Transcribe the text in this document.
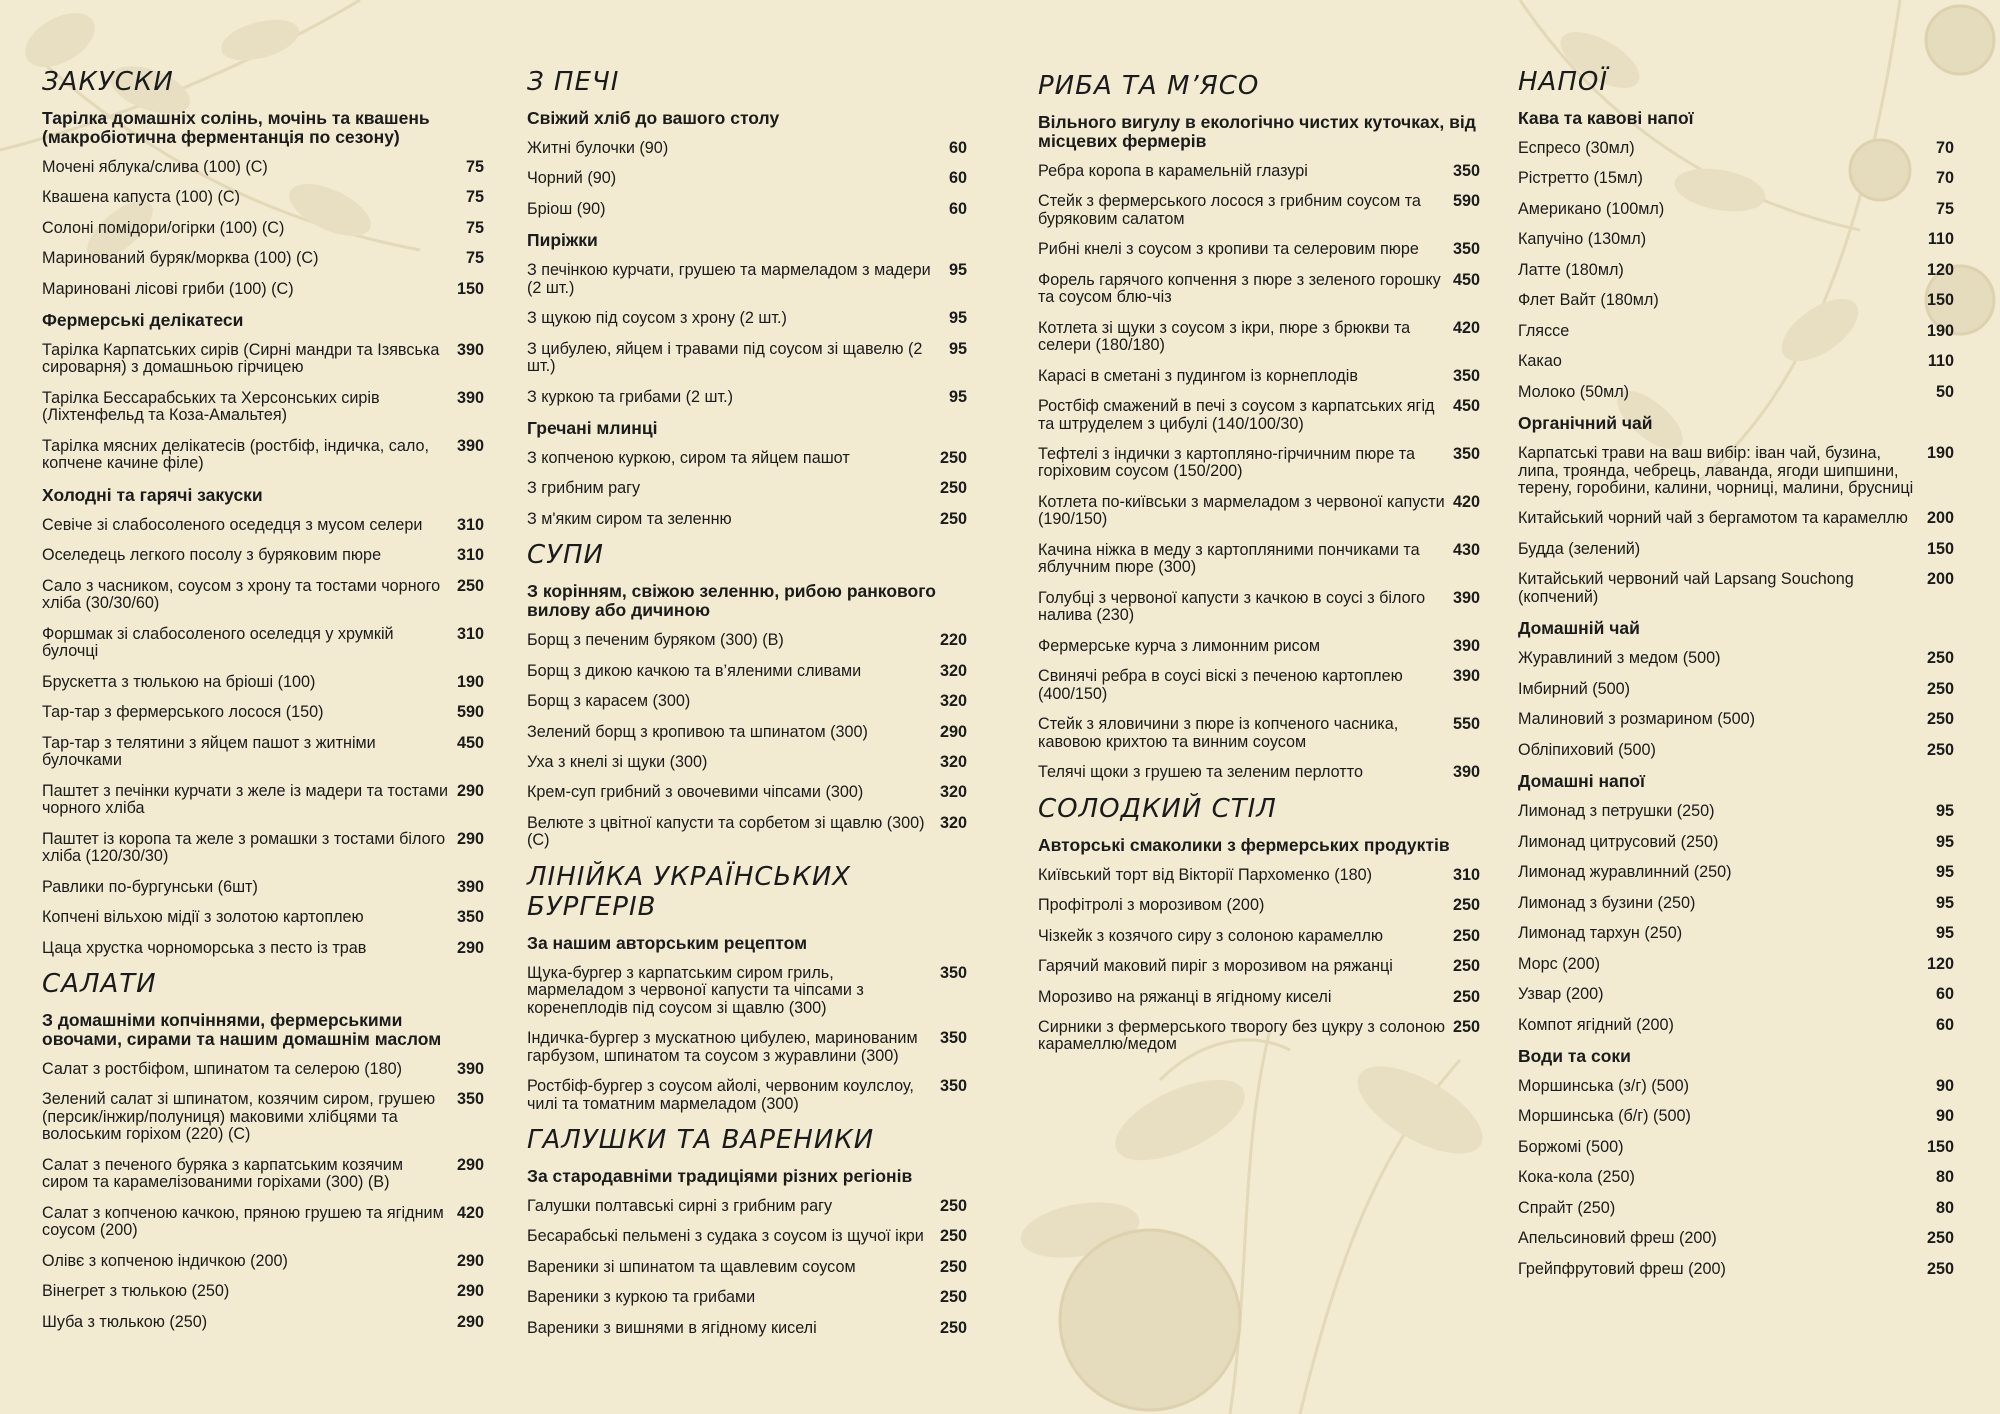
ЗАКУСКИ
Тарілка домашніх солінь, мочінь та квашень (макробіотична ферментанція по сезону)
Мочені яблука/слива (100) (С)	75
Квашена капуста (100) (С)	75
Солоні помідори/огірки (100) (С)	75
Маринований буряк/морква (100) (С)	75
Мариновані лісові гриби (100) (С)	150
Фермерські делікатеси
Тарілка Карпатських сирів (Сирні мандри та Ізявська сироварня) з домашньою гірчицею
390
Тарілка Бессарабських та Херсонських сирів (Ліхтенфельд та Коза-Амальтея)
390
Тарілка мясних делікатесів (ростбіф, індичка, сало, копчене качине філе)
390
Холодні та гарячі закуски
Севіче зі слабосоленого оседедця з мусом селери	310
Оселедець легкого посолу з буряковим пюре	310
Сало з часником, соусом з хрону та тостами чорного хліба (30/30/60)
250
Форшмак зі слабосоленого оселедця у хрумкій булочці
310
Брускетта з тюлькою на бріоші (100)	190
Тар-тар з фермерського лосося (150)	590
Тар-тар з телятини з яйцем пашот з житніми булочками
450
Паштет з печінки курчати з желе із мадери та тостами чорного хліба
290
Паштет із коропа та желе з ромашки з тостами білого хліба (120/30/30)
290
Равлики по-бургунськи (6шт)	390
Копчені вільхою мідії з золотою картоплею	350
Цаца хрустка чорноморська з песто із трав	290
САЛАТИ
З домашніми копчіннями, фермерськими овочами, сирами та нашим домашнім маслом
Салат з ростбіфом, шпинатом та селерою (180)	390
Зелений салат зі шпинатом, козячим сиром, грушею (персик/інжир/полуниця) маковими хлібцями та волоським горіхом (220) (С)
350
Салат з печеного буряка з карпатським козячим сиром та карамелізованими горіхами (300) (В)
290
Салат з копченою качкою, пряною грушею та ягідним соусом (200)
420
Олівє з копченою індичкою (200)	290
Вінегрет з тюлькою (250)	290
Шуба з тюлькою (250)	290
З ПЕЧІ
Свіжий хліб до вашого столу
Житні булочки (90)	60
Чорний (90)	60
Бріош (90)	60
Пиріжки
З печінкою курчати, грушею та мармеладом з мадери (2 шт.)
95
З щукою під соусом з хрону (2 шт.)	95
З цибулею, яйцем і травами під соусом зі щавелю (2 шт.)
95
З куркою та грибами (2 шт.)	95
Гречані млинці
З копченою куркою, сиром та яйцем пашот	250
З грибним рагу	250
З м'яким сиром та зеленню	250
СУПИ
З корінням, свіжою зеленню, рибою ранкового вилову або дичиною
Борщ з печеним буряком (300) (В)	220
Борщ з дикою качкою та в’яленими сливами	320
Борщ з карасем (300)	320
Зелений борщ з кропивою та шпинатом (300)	290
Уха з кнелі зі щуки (300)	320
Крем-суп грибний з овочевими чіпсами (300)	320
Велюте з цвітної капусти та сорбетом зі щавлю (300) (С)
320
ЛІНІЙКА УКРАЇНСЬКИХ БУРГЕРІВ
За нашим авторським рецептом
Щука-бургер з карпатським сиром гриль, мармеладом з червоної капусти та чіпсами з коренеплодів під соусом зі щавлю (300)
350
Індичка-бургер з мускатною цибулею, маринованим гарбузом, шпинатом та соусом з журавлини (300)
350
Ростбіф-бургер з соусом айолі, червоним коулслоу, чилі та томатним мармеладом (300)
350
ГАЛУШКИ ТА ВАРЕНИКИ
За стародавніми традиціями різних регіонів
Галушки полтавські сирні з грибним рагу	250
Бесарабські пельмені з судака з соусом із щучої ікри 250
Вареники зі шпинатом та щавлевим соусом	250
Вареники з куркою та грибами	250
Вареники з вишнями в ягідному киселі	250
РИБА ТА М’ЯСО
Вільного вигулу в екологічно чистих куточках, від місцевих фермерів
Ребра коропа в карамельній глазурі	350
Стейк з фермерського лосося з грибним соусом та буряковим салатом
590
Рибні кнелі з соусом з кропиви та селеровим пюре	350
Форель гарячого копчення з пюре з зеленого горошку та соусом блю-чіз
450
Котлета зі щуки з соусом з ікри, пюре з брюкви та селери (180/180)
420
Карасі в сметані з пудингом із корнеплодів	350
Ростбіф смажений в печі з соусом з карпатських ягід та штруделем з цибулі (140/100/30)
450
Тефтелі з індички з картопляно-гірчичним пюре та горіховим соусом (150/200)
350
Котлета по-київськи з мармеладом з червоної капусти (190/150)
420
Качина ніжка в меду з картопляними пончиками та яблучним пюре (300)
430
Голубці з червоної капусти з качкою в соусі з білого налива (230)
390
Фермерське курча з лимонним рисом	390
Свинячі ребра в соусі віскі з печеною картоплею (400/150)
390
Стейк з яловичини з пюре із копченого часника, кавовою крихтою та винним соусом
550
Телячі щоки з грушею та зеленим перлотто	390
СОЛОДКИЙ СТІЛ
Авторські смаколики з фермерських продуктів
Київський торт від Вікторії Пархоменко (180)	310
Профітролі з морозивом (200)	250
Чізкейк з козячого сиру з солоною карамеллю	250
Гарячий маковий пиріг з морозивом на ряжанці	250
Морозиво на ряжанці в ягідному киселі	250
Сирники з фермерського творогу без цукру з солоною карамеллю/медом
250
НАПОЇ
Кава та кавові напої
Еспресо (30мл)	70
Рістретто (15мл)	70
Американо (100мл)	75
Капучіно (130мл)	110
Латте (180мл)	120
Флет Вайт (180мл)	150
Гляссе	190
Какао	110
Молоко (50мл)	50
Органічний чай
Карпатські трави на ваш вибір: іван чай, бузина, липа, троянда, чебрець, лаванда, ягоди шипшини, терену, горобини, калини, чорниці, малини, брусниці
190
Китайський чорний чай з бергамотом та карамеллю	200
Будда (зелений)	150
Китайський червоний чай Lapsang Souchong (копчений)
200
Домашній чай
Журавлиний з медом (500)	250
Імбирний (500)	250
Малиновий з розмарином (500)	250
Обліпиховий (500)	250
Домашні напої
Лимонад з петрушки (250)	95
Лимонад цитрусовий (250)	95
Лимонад журавлинний (250)	95
Лимонад з бузини (250)	95
Лимонад тархун (250)	95
Морс (200)	120
Узвар (200)	60
Компот ягідний (200)	60
Води та соки
Моршинська (з/г) (500)	90
Моршинська (б/г) (500)	90
Боржомі (500)	150
Кока-кола (250)	80
Спрайт (250)	80
Апельсиновий фреш (200)	250
Грейпфрутовий фреш (200)	250
